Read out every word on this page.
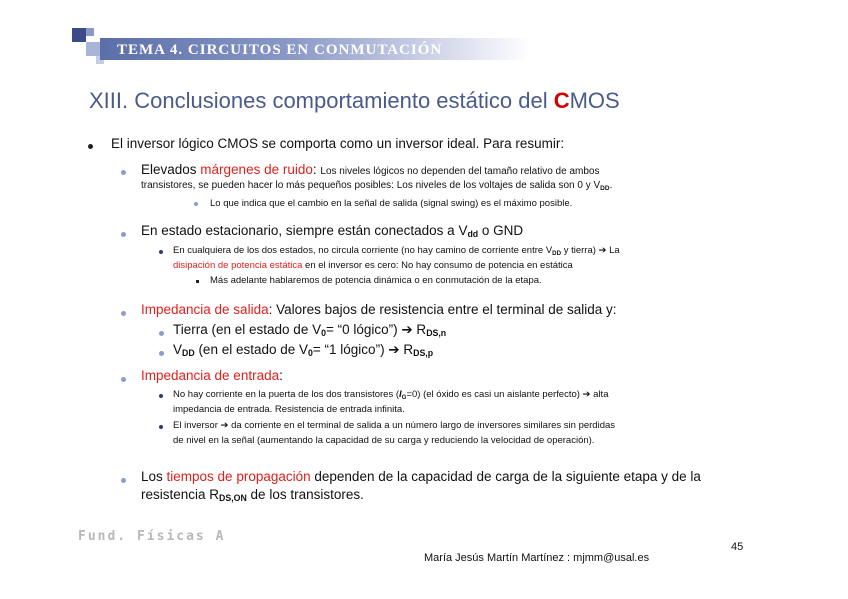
TEMA 4. CIRCUITOS EN CONMUTACIÓN
XIII. Conclusiones comportamiento estático del CMOS
El inversor lógico CMOS se comporta como un inversor ideal. Para resumir:
Elevados márgenes de ruido: Los niveles lógicos no dependen del tamaño relativo de ambos
transistores, se pueden hacer lo más pequeños posibles: Los niveles de los voltajes de salida son 0 y $V_{DD}$.
Lo que indica que el cambio en la señal de salida (signal swing) es el máximo posible.
En estado estacionario, siempre están conectados a $V_{dd}$ o GND
En cualquiera de los dos estados, no circula corriente (no hay camino de corriente entre $V_{DD}$ y tierra) ➔ La
disipación de potencia estática en el inversor es cero: No hay consumo de potencia en estática
Más adelante hablaremos de potencia dinámica o en conmutación de la etapa.
Impedancia de salida: Valores bajos de resistencia entre el terminal de salida y:
Tierra (en el estado de $V_0=$ “0 lógico”) ➔ $R_{DS,n}$
$V_{DD}$ (en el estado de $V_0=$ “1 lógico”) ➔ $R_{DS,p}$
Impedancia de entrada:
No hay corriente en la puerta de los dos transistores $(I_G=0)$ (el óxido es casi un aislante perfecto) ➔ alta
impedancia de entrada. Resistencia de entrada infinita.
El inversor ➔ da corriente en el terminal de salida a un número largo de inversores similares sin perdidas
de nivel en la señal (aumentando la capacidad de su carga y reduciendo la velocidad de operación).
Los tiempos de propagación dependen de la capacidad de carga de la siguiente etapa y de la
resistencia $R_{DS,ON}$ de los transistores.
Fund. Físicas A
45
María Jesús Martín Martínez : mjmm@usal.es
